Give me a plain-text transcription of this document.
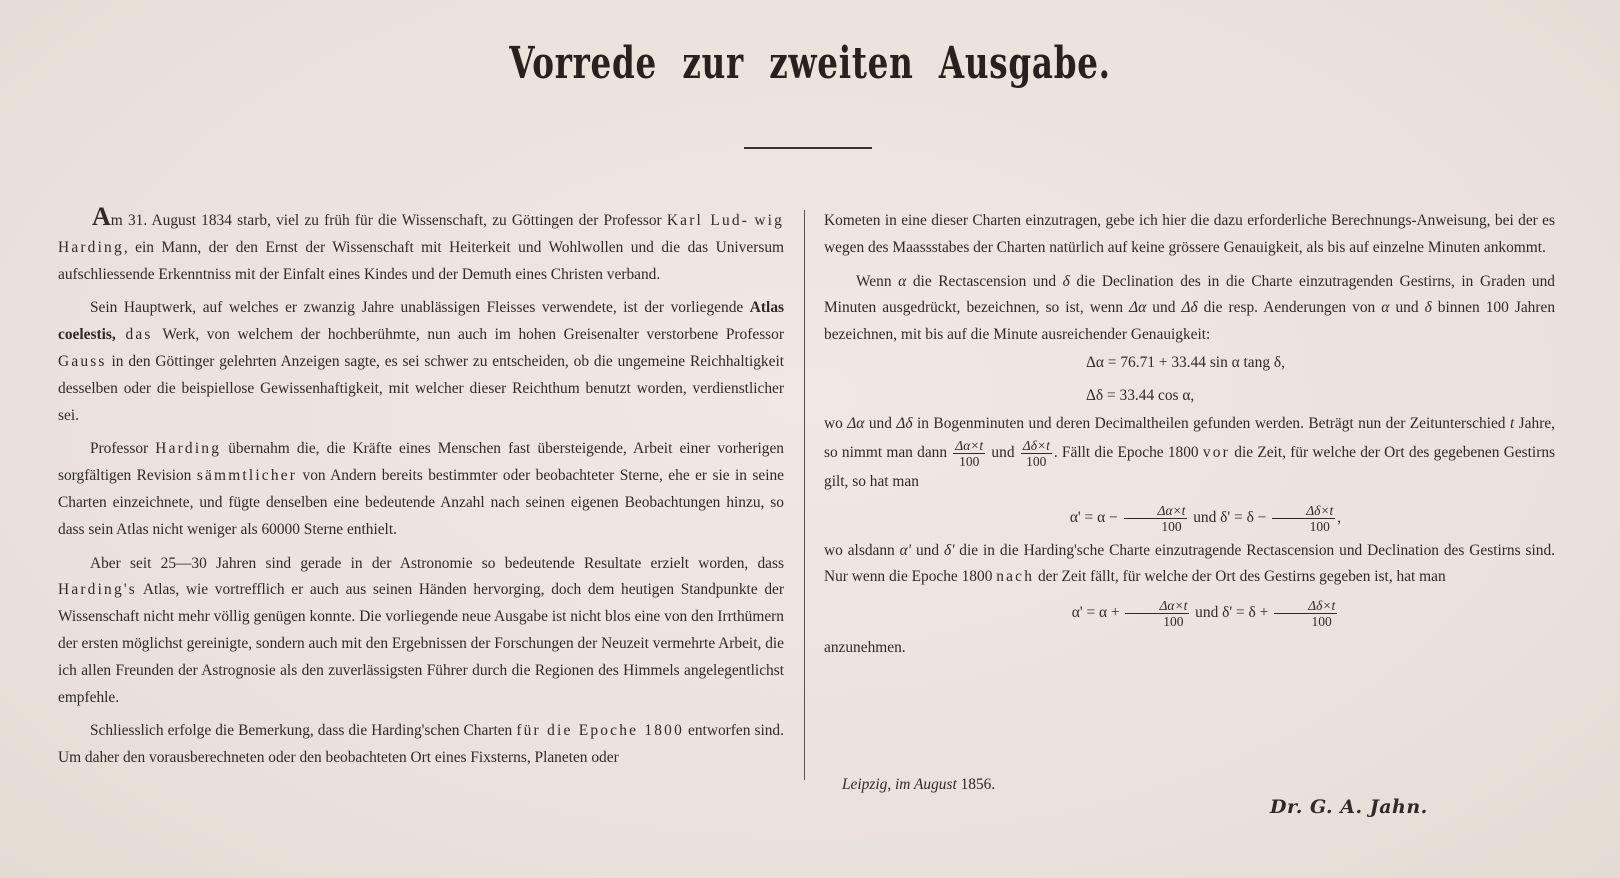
Vorrede zur zweiten Ausgabe.

Am 31. August 1834 starb, viel zu früh für die Wissenschaft, zu Göttingen der Professor Karl Lud- wig Harding, ein Mann, der den Ernst der Wissenschaft mit Heiterkeit und Wohlwollen und die das Universum aufschliessende Erkenntniss mit der Einfalt eines Kindes und der Demuth eines Christen verband.

Sein Hauptwerk, auf welches er zwanzig Jahre unablässigen Fleisses verwendete, ist der vorliegende Atlas coelestis, das Werk, von welchem der hochberühmte, nun auch im hohen Greisenalter verstorbene Professor Gauss in den Göttinger gelehrten Anzeigen sagte, es sei schwer zu entscheiden, ob die ungemeine Reichhaltigkeit desselben oder die beispiellose Gewissenhaftigkeit, mit welcher dieser Reichthum benutzt worden, verdienstlicher sei.

Professor Harding übernahm die, die Kräfte eines Menschen fast übersteigende, Arbeit einer vorherigen sorgfältigen Revision sämmtlicher von Andern bereits bestimmter oder beobachteter Sterne, ehe er sie in seine Charten einzeichnete, und fügte denselben eine bedeutende Anzahl nach seinen eigenen Beobachtungen hinzu, so dass sein Atlas nicht weniger als 60000 Sterne enthielt.

Aber seit 25—30 Jahren sind gerade in der Astronomie so bedeutende Resultate erzielt worden, dass Harding's Atlas, wie vortrefflich er auch aus seinen Händen hervorging, doch dem heutigen Standpunkte der Wissenschaft nicht mehr völlig genügen konnte. Die vorliegende neue Ausgabe ist nicht blos eine von den Irrthümern der ersten möglichst gereinigte, sondern auch mit den Ergebnissen der Forschungen der Neuzeit vermehrte Arbeit, die ich allen Freunden der Astrognosie als den zuverlässigsten Führer durch die Regionen des Himmels angelegentlichst empfehle.

Schliesslich erfolge die Bemerkung, dass die Harding'schen Charten für die Epoche 1800 entworfen sind. Um daher den vorausberechneten oder den beobachteten Ort eines Fixsterns, Planeten oder

Kometen in eine dieser Charten einzutragen, gebe ich hier die dazu erforderliche Berechnungs-Anweisung, bei der es wegen des Maassstabes der Charten natürlich auf keine grössere Genauigkeit, als bis auf einzelne Minuten ankommt.

Wenn α die Rectascension und δ die Declination des in die Charte einzutragenden Gestirns, in Graden und Minuten ausgedrückt, bezeichnen, so ist, wenn Δα und Δδ die resp. Aenderungen von α und δ binnen 100 Jahren bezeichnen, mit bis auf die Minute ausreichender Genauigkeit:

Δα = 76.71 + 33.44 sin α tang δ,

Δδ = 33.44 cos α,

wo Δα und Δδ in Bogenminuten und deren Decimaltheilen gefunden werden. Beträgt nun der Zeitunterschied t Jahre, so nimmt man dann $\frac{\Delta\alpha\times t}{100}$ und $\frac{\Delta\delta\times t}{100}$ . Fällt die Epoche 1800 vor die Zeit, für welche der Ort des gegebenen Gestirns gilt, so hat man

$\alpha' = \alpha - \frac{\Delta\alpha\times t}{100}$ und $\delta' = \delta - \frac{\Delta\delta\times t}{100}$ ,

wo alsdann α' und δ' die in die Harding'sche Charte einzutragende Rectascension und Declination des Gestirns sind. Nur wenn die Epoche 1800 nach der Zeit fällt, für welche der Ort des Gestirns gegeben ist, hat man

$\alpha' = \alpha + \frac{\Delta\alpha\times t}{100}$ und $\delta' = \delta + \frac{\Delta\delta\times t}{100}$

anzunehmen.

Leipzig, im August 1856.
Dr. G. A. Jahn.
